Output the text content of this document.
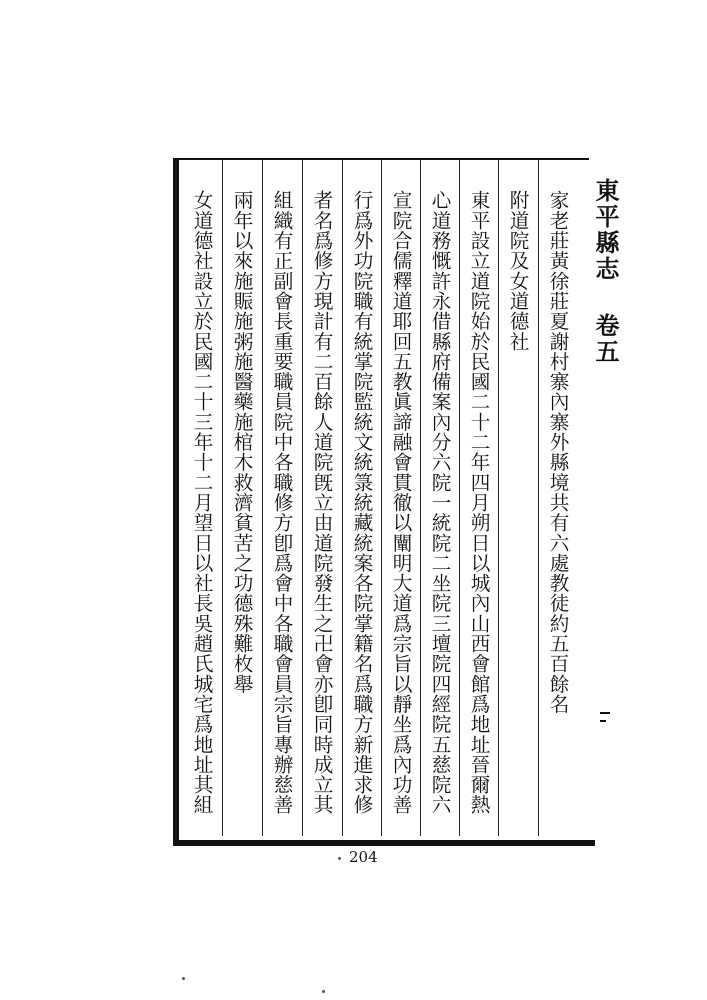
東平縣志 卷五
家老莊黃徐莊夏謝村寨內寨外縣境共有六處教徒約五百餘名
附道院及女道德社
東平設立道院始於民國二十二年四月朔日以城內山西會館爲地址晉爾熱
心道務慨許永借縣府備案內分六院一統院二坐院三壇院四經院五慈院六
宣院合儒釋道耶回五教眞諦融會貫徹以闡明大道爲宗旨以靜坐爲內功善
行爲外功院職有統掌院監統文統箓統藏統案各院掌籍名爲職方新進求修
者名爲修方現計有二百餘人道院旣立由道院發生之卍會亦卽同時成立其
組織有正副會長重要職員院中各職修方卽爲會中各職會員宗旨專辦慈善
兩年以來施賑施粥施醫藥施棺木救濟貧苦之功德殊難枚舉
女道德社設立於民國二十三年十二月望日以社長吳趙氏城宅爲地址其組
204
